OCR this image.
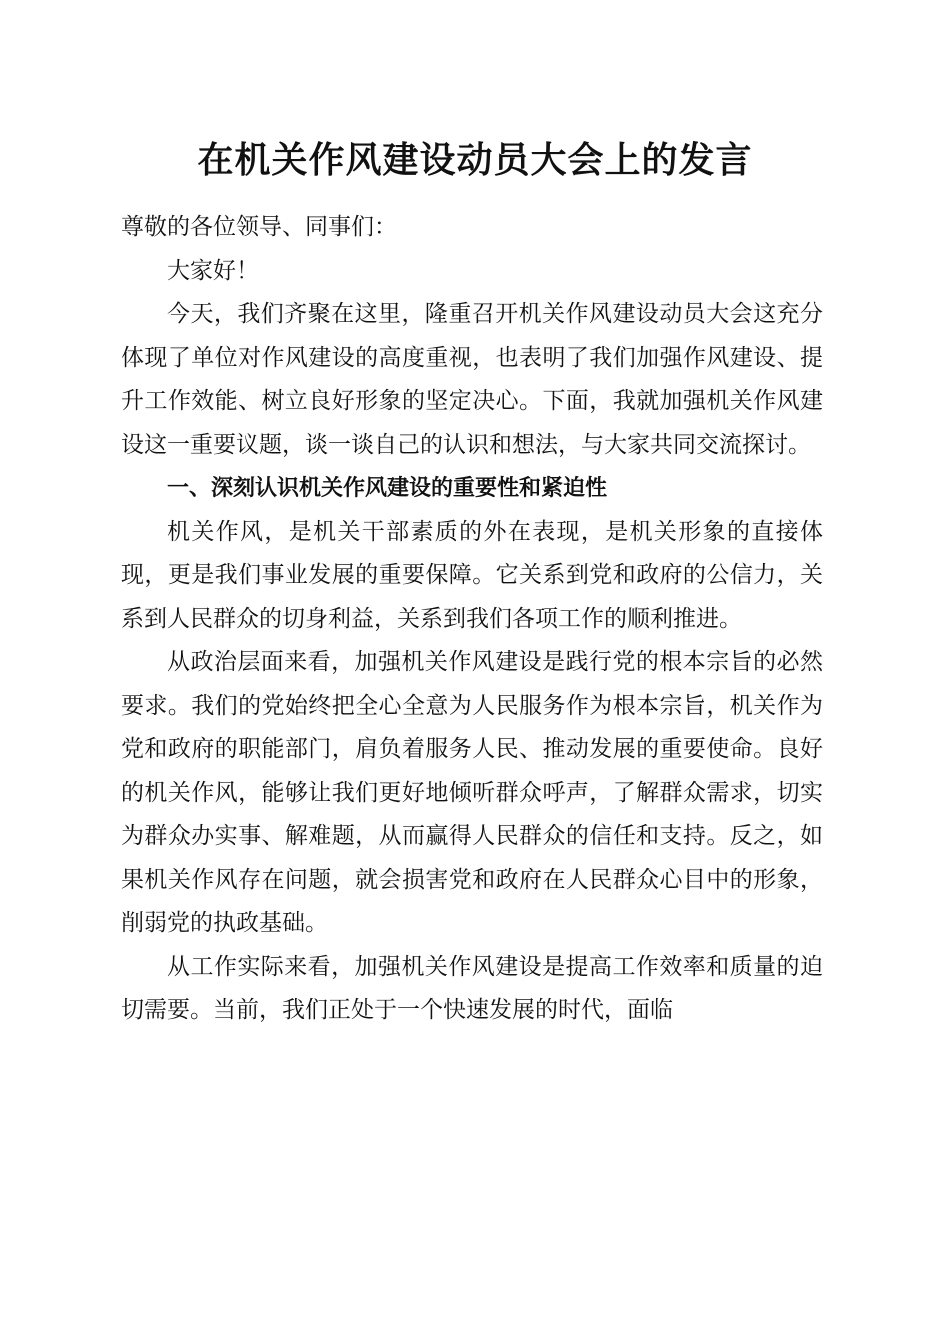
在机关作风建设动员大会上的发言

尊敬的各位领导、同事们：

大家好！

今天，我们齐聚在这里，隆重召开机关作风建设动员大会这充分体现了单位对作风建设的高度重视，也表明了我们加强作风建设、提升工作效能、树立良好形象的坚定决心。下面，我就加强机关作风建设这一重要议题，谈一谈自己的认识和想法，与大家共同交流探讨。

一、深刻认识机关作风建设的重要性和紧迫性

机关作风，是机关干部素质的外在表现，是机关形象的直接体现，更是我们事业发展的重要保障。它关系到党和政府的公信力，关系到人民群众的切身利益，关系到我们各项工作的顺利推进。

从政治层面来看，加强机关作风建设是践行党的根本宗旨的必然要求。我们的党始终把全心全意为人民服务作为根本宗旨，机关作为党和政府的职能部门，肩负着服务人民、推动发展的重要使命。良好的机关作风，能够让我们更好地倾听群众呼声，了解群众需求，切实为群众办实事、解难题，从而赢得人民群众的信任和支持。反之，如果机关作风存在问题，就会损害党和政府在人民群众心目中的形象，削弱党的执政基础。

从工作实际来看，加强机关作风建设是提高工作效率和质量的迫切需要。当前，我们正处于一个快速发展的时代，面临
